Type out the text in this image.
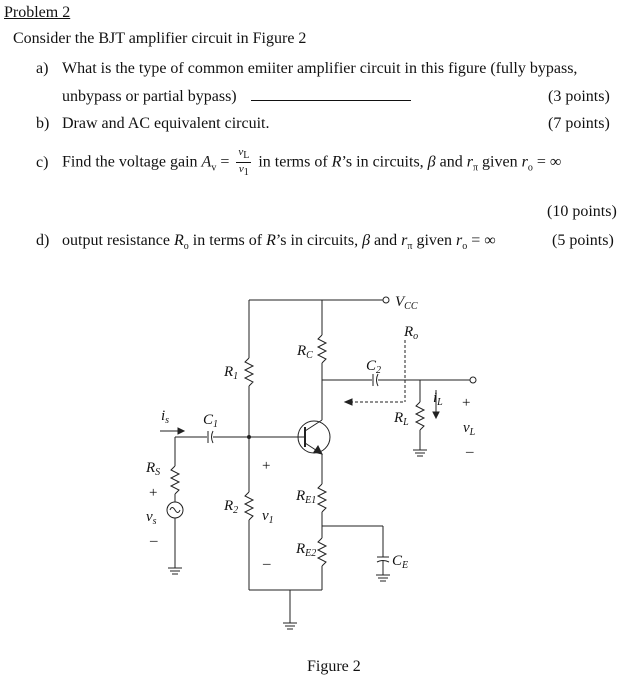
Problem 2
Consider the BJT amplifier circuit in Figure 2
a) What is the type of common emiiter amplifier circuit in this figure (fully bypass,
unbypass or partial bypass)	(3 points)
b) Draw and AC equivalent circuit.	(7 points)
c) Find the voltage gain $A_v = \frac{v_L}{v_1}$ in terms of R’s in circuits, β and $r_\pi$ given $r_o$ = ∞
(10 points)
d) output resistance $R_o$ in terms of R’s in circuits, β and $r_\pi$ given $r_o$ = ∞	(5 points)
$V_{CC}$
$R_o$
$R_C$
$C_2$
$R_1$
$i_L$ +
$R_L$	$v_L$
–
$i_s$ $C_1$
$R_S$
+
$v_s$
–
+
$R_2$ $v_1$
–
$R_{E1}$
$R_{E2}$	$C_E$
Figure 2
